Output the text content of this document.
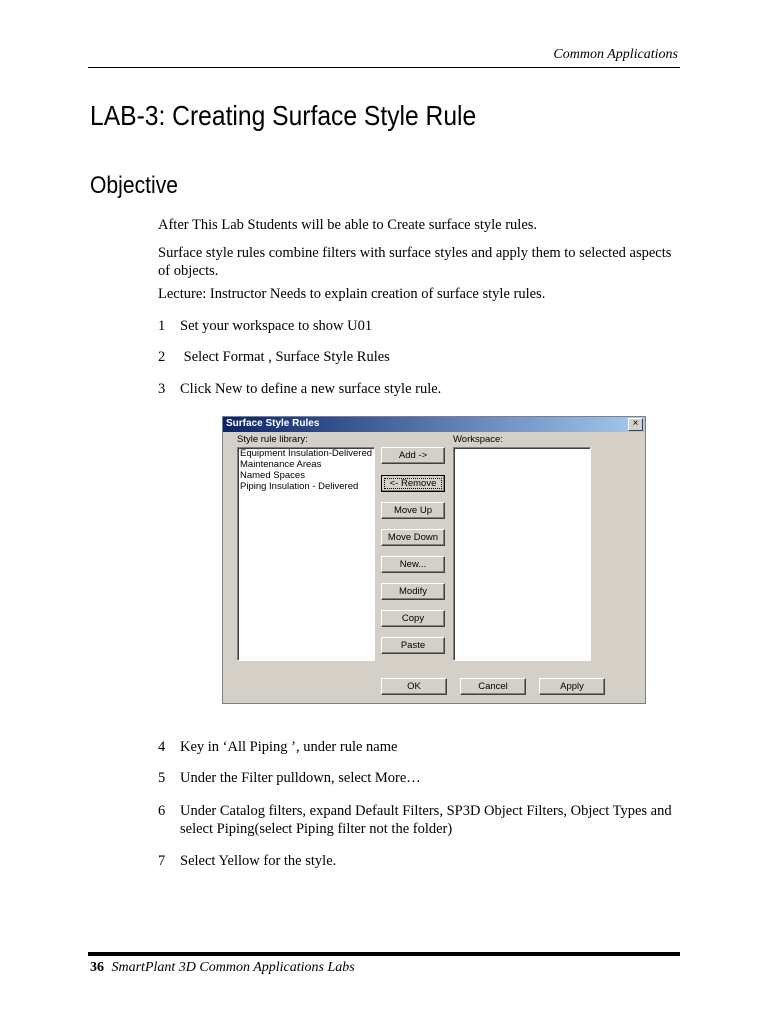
Common Applications
LAB-3: Creating Surface Style Rule
Objective
After This Lab Students will be able to Create surface style rules.
Surface style rules combine filters with surface styles and apply them to selected aspects of objects.
Lecture: Instructor Needs to explain creation of surface style rules.
1 Set your workspace to show U01
2 Select Format , Surface Style Rules
3 Click New to define a new surface style rule.
Surface Style Rules	×
Style rule library:	Workspace:
Equipment Insulation-Delivered
Maintenance Areas
Named Spaces
Piping Insulation - Delivered
Add ->
<- Remove
Move Up
Move Down
New...
Modify
Copy
Paste
OK	Cancel	Apply
4 Key in ‘All Piping ’, under rule name
5 Under the Filter pulldown, select More…
6 Under Catalog filters, expand Default Filters, SP3D Object Filters, Object Types and select Piping(select Piping filter not the folder)
7 Select Yellow for the style.
36 SmartPlant 3D Common Applications Labs
